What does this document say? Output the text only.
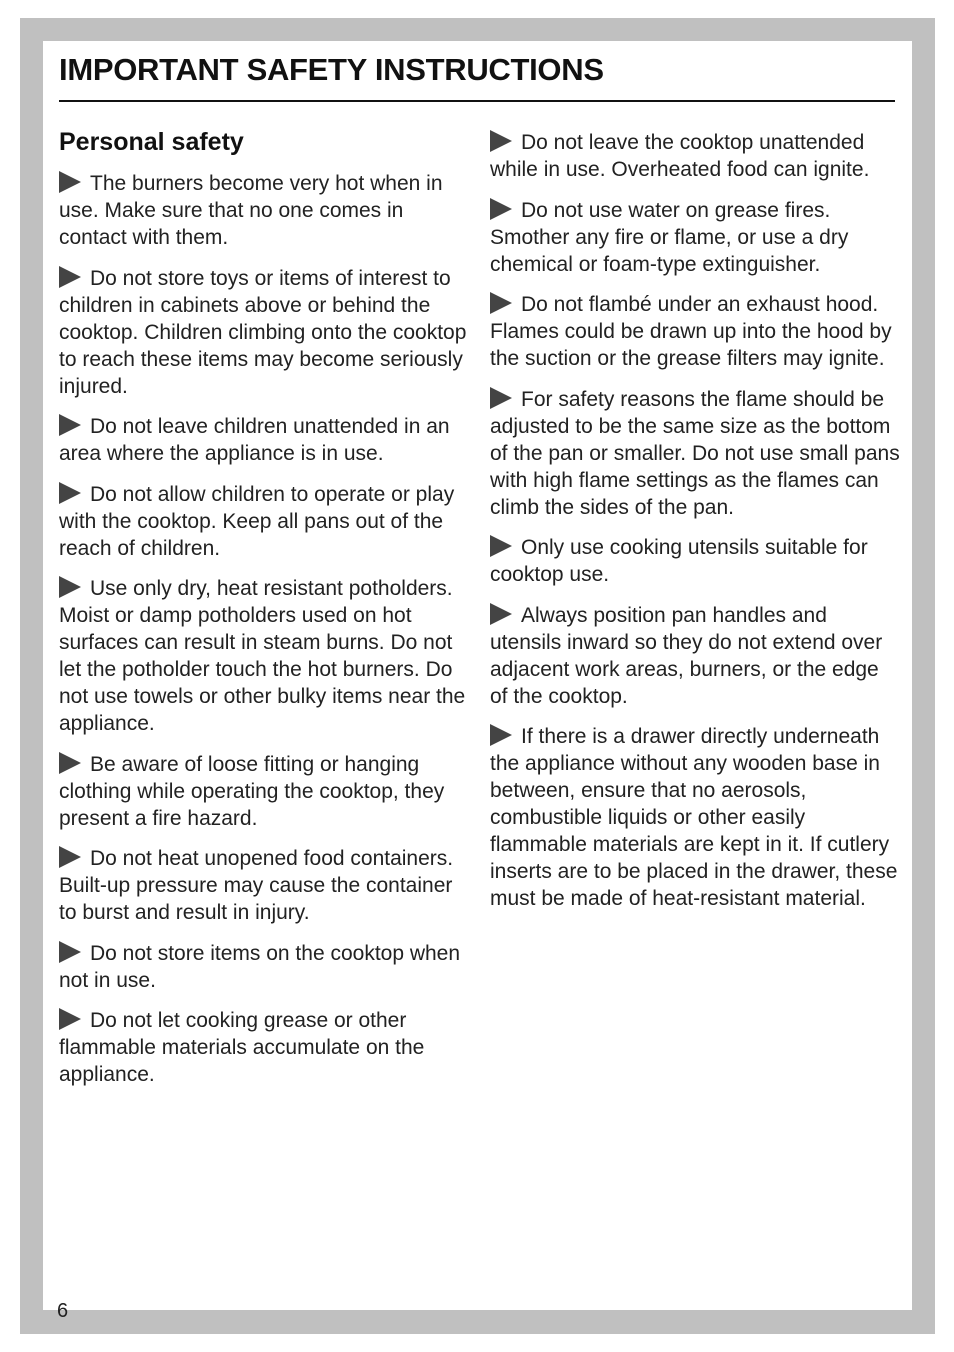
IMPORTANT SAFETY INSTRUCTIONS
Personal safety

The burners become very hot when in use. Make sure that no one comes in contact with them.

Do not store toys or items of interest to children in cabinets above or behind the cooktop. Children climbing onto the cooktop to reach these items may become seriously injured.

Do not leave children unattended in an area where the appliance is in use.

Do not allow children to operate or play with the cooktop. Keep all pans out of the reach of children.

Use only dry, heat resistant potholders. Moist or damp potholders used on hot surfaces can result in steam burns. Do not let the potholder touch the hot burners. Do not use towels or other bulky items near the appliance.

Be aware of loose fitting or hanging clothing while operating the cooktop, they present a fire hazard.

Do not heat unopened food containers. Built-up pressure may cause the container to burst and result in injury.

Do not store items on the cooktop when not in use.

Do not let cooking grease or other flammable materials accumulate on the appliance.

Do not leave the cooktop unattended while in use. Overheated food can ignite.

Do not use water on grease fires. Smother any fire or flame, or use a dry chemical or foam-type extinguisher.

Do not flambé under an exhaust hood. Flames could be drawn up into the hood by the suction or the grease filters may ignite.

For safety reasons the flame should be adjusted to be the same size as the bottom of the pan or smaller. Do not use small pans with high flame settings as the flames can climb the sides of the pan.

Only use cooking utensils suitable for cooktop use.

Always position pan handles and utensils inward so they do not extend over adjacent work areas, burners, or the edge of the cooktop.

If there is a drawer directly underneath the appliance without any wooden base in between, ensure that no aerosols, combustible liquids or other easily flammable materials are kept in it. If cutlery inserts are to be placed in the drawer, these must be made of heat-resistant material.

6
